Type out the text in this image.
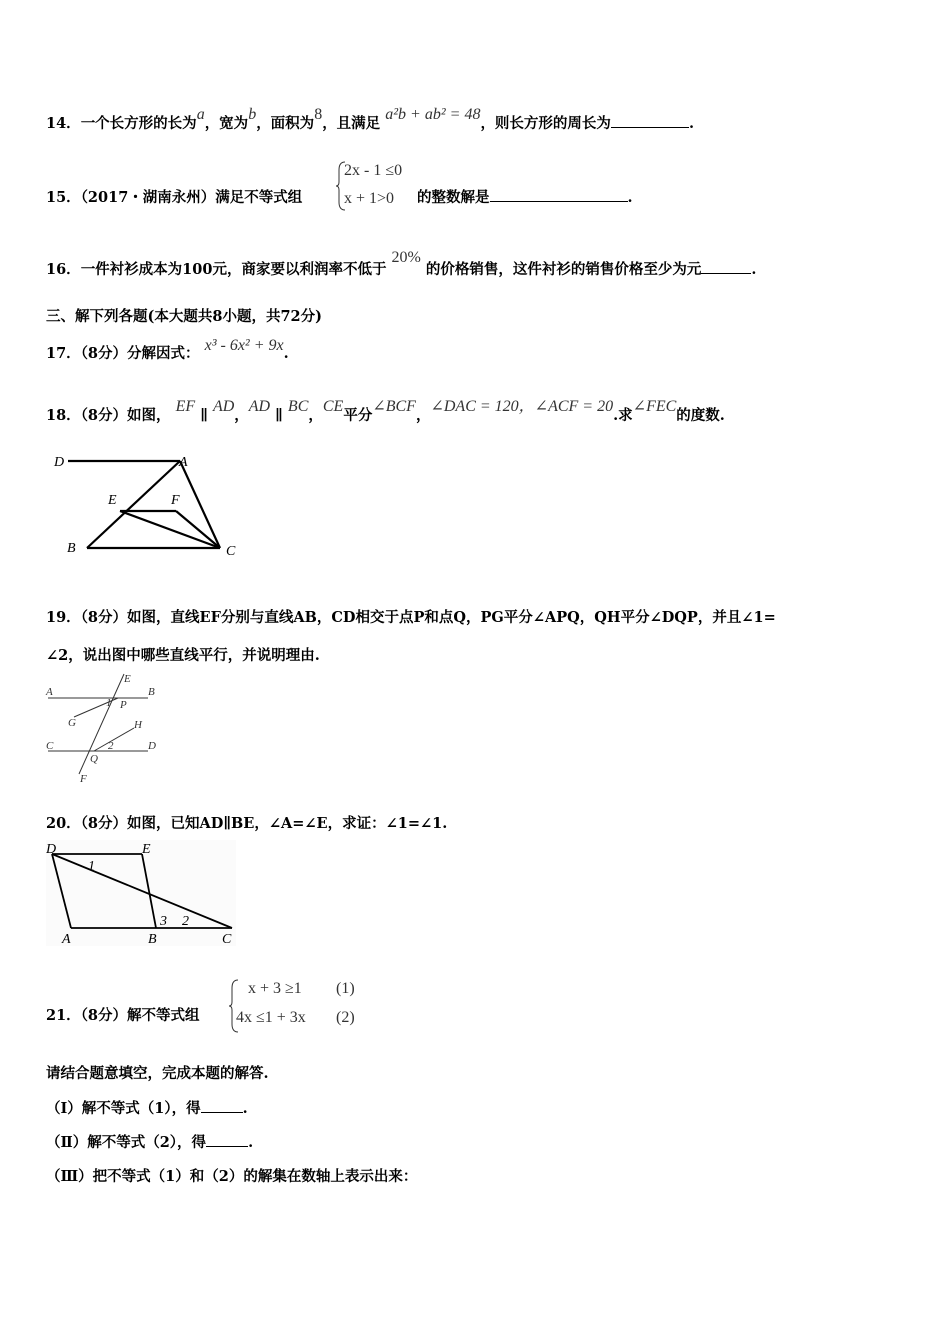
14．一个长方形的长为a，宽为b，面积为8，且满足 a²b + ab² = 48，则长方形的周长为	.
15．（2017・湖南永州）满足不等式组
2x - 1 ≤0
x + 1>0 的整数解是	.
16．一件衬衫成本为100元，商家要以利润率不低于 20% 的价格销售，这件衬衫的销售价格至少为元	.
三、解下列各题(本大题共8小题，共72分)
17．（8分）分解因式： x³ - 6x² + 9x.
18．（8分）如图， EF ∥ AD，AD ∥ BC，CE平分∠BCF，∠DAC = 120，∠ACF = 20.求∠FEC的度数.
D	A
E	F
B	C
19．（8分）如图，直线EF分别与直线AB，CD相交于点P和点Q，PG平分∠APQ，QH平分∠DQP，并且∠1=
∠2，说出图中哪些直线平行，并说明理由.
A	B
C	D
E
F
G	H
P
Q
1
2
20．（8分）如图，已知AD∥BE，∠A=∠E，求证：∠1=∠1.
D	E
A	B	C
1
2
3
21．（8分）解不等式组
x + 3 ≥1 (1)
4x ≤1 + 3x (2)
请结合题意填空，完成本题的解答.
（Ⅰ）解不等式（1），得	.
（Ⅱ）解不等式（2），得	.
（Ⅲ）把不等式（1）和（2）的解集在数轴上表示出来：
